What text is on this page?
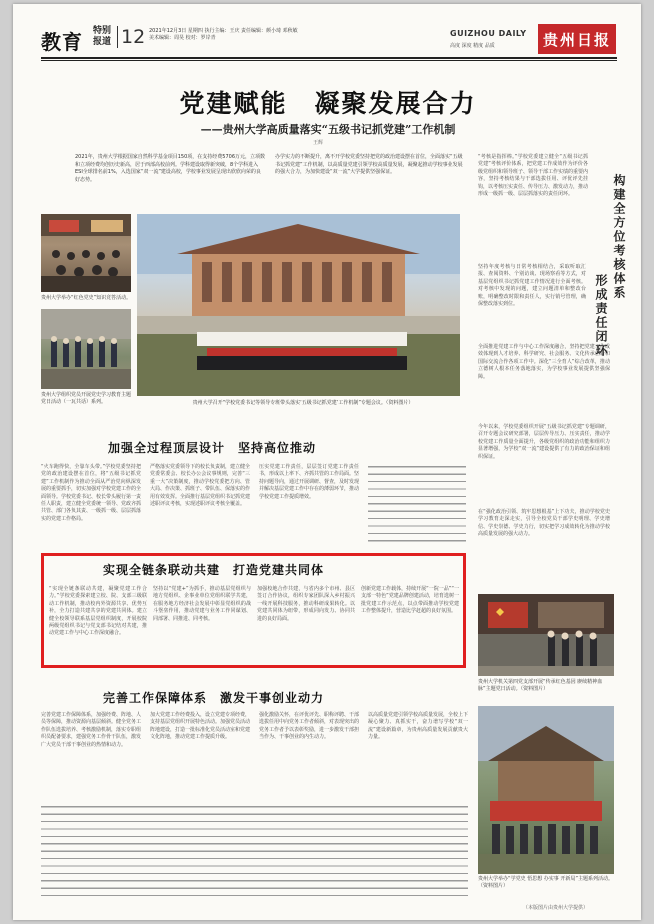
教育 特别报道 12 2021年12月3日 星期四 执行主编：王庆 责任编辑：颜小琦 邓秋敏 美术编辑：周昊 校对：罗岸青	GUIZHOU DAILY
高度 深度 精度 品质	贵州日报
党建赋能　凝聚发展合力
——贵州大学高质量落实“五级书记抓党建”工作机制
王辉
2021年，贵州大学根据国家自然科学基金项目150项，在支持经费5706万元，立项数和立项经费均创历史新高，居于西部高校前列。学科建设取得新突破，8个学科进入ESI全球排名前1%，入选国家“双一流”建设高校，学校事业发展呈现出欣欣向荣的良好态势。
办学实力的不断提升，离不开学校党委坚持把党的政治建设摆在首位，全面落实“五级书记抓党建”工作机制，以高质量党建引领学校高质量发展，凝聚起推动学校事业发展的强大合力，为加快建设“双一流”大学提供坚强保证。
贵州大学举办“红色党史”知识竞答活动。
贵州大学组织党员开展党史学习教育主题党日活动（一瓦共话）系列。	贵州大学召开“学校党委书记等领导专班带头落实‘五级书记抓党建’工作机制”专题会议。（资料图片）
构建全方位考核体系
形成责任闭环
“考核是指挥棒。”学校党委建立健全“五级书记抓党建”考核评价体系，把党建工作成效作为评价各级党组织和领导班子、领导干部工作实绩的重要内容，坚持考核结果与干部选拔任用、评优评先挂钩，以考核压实责任、传导压力、激发动力，推动形成一级抓一级、层层抓落实的责任闭环。
坚持年度考核与日常考核相结合，采取听取汇报、查阅资料、个别访谈、现场察看等方式，对基层党组织书记抓党建工作情况进行全面考核。对考核中发现的问题，建立问题清单和整改台账，明确整改时限和责任人，实行销号管理，确保整改落实到位。
全面推进党建工作与中心工作深度融合，坚持把党建工作成效体现到人才培养、科学研究、社会服务、文化传承创新和国际交流合作各项工作中。深化“三全育人”综合改革，推动立德树人根本任务落地落实，为学校事业发展提供坚强保障。
今年以来，学校党委组织开展“五级书记抓党建”专题调研，召开专题会议研究部署，层层传导压力、压实责任，推动学校党建工作质量全面提升，各级党组织的政治功能和组织力显著增强，为学校“双一流”建设提供了有力的政治保证和组织保证。
在“强化政治引领、筑牢思想根基”上下功夫，推动学校党史学习教育走深走实，引导全校党员干部学史明理、学史增信、学史崇德、学史力行，切实把学习成效转化为推动学校高质量发展的强大动力。
贵州大学机关第四党支部开展“传承红色基因 赓续精神血脉”主题党日活动。（资料图片）
贵州大学举办“学党史 悟思想 办实事 开新局”主题系列活动。（资料图片）
（本版图片由贵州大学提供）
加强全过程顶层设计　坚持高位推动
“火车跑得快，全靠车头带。”学校党委坚持把党的政治建设摆在首位，将“五级书记抓党建”工作机制作为推动全面从严治党向纵深发展的重要抓手，切实加强对学校党建工作的全面领导。学校党委书记、校长带头履行第一责任人职责，建立健全党委统一领导、党政齐抓共管、部门各负其责、一级抓一级、层层抓落实的党建工作格局。
严格落实党委领导下的校长负责制，建立健全党委常委会、校长办公会议事规则，完善“三重一大”决策制度，推动学校党委把方向、管大局、作决策、抓班子、带队伍、保落实的作用有效发挥。全面推行基层党组织书记抓党建述职评议考核，实现述职评议考核全覆盖。
压实党建工作责任，层层签订党建工作责任书，形成以上率下、齐抓共管的工作局面。坚持问题导向，通过开展调研、督查，及时发现并解决基层党建工作中存在的薄弱环节，推动学校党建工作提质增效。
实现全链条联动共建　打造党建共同体
“实现全链条联动共建，凝聚党建工作合力。”学校党委探索建立校、院、支部三级联动工作机制，推动校内外资源共享、优势互补，全力打造共建共享的党建共同体。建立健全校领导联系基层党组织制度，开展校院两级党组织书记与党支部书记结对共建，推动党建工作与中心工作深度融合。
坚持以“党建+”为抓手，推动基层党组织与地方党组织、企事业单位党组织联学共建，在服务地方经济社会发展中彰显党组织的战斗堡垒作用，推动党建与业务工作同谋划、同部署、同推进、同考核。
加强校地合作共建，与省内多个市州、县区签订合作协议，组织专家团队深入乡村振兴一线开展科技服务，推动科研成果转化。以党建共同体为纽带，形成同向发力、协同共进的良好局面。
创新党建工作载体，持续开展“一院一品”“一支部一特色”党建品牌创建活动，培育选树一批党建工作示范点，以点带面推动学校党建工作整体提升，营造比学赶超的良好氛围。
完善工作保障体系　激发干事创业动力
完善党建工作保障体系，加强经费、阵地、人员等保障，推动资源向基层倾斜。健全党务工作队伍选拔培养、考核激励机制，落实专职组织员配备要求，建强党务工作骨干队伍，激发广大党员干部干事创业的热情和动力。
加大党建工作经费投入，设立党建专项经费，支持基层党组织开展特色活动。加强党员活动阵地建设，打造一批标准化党员活动室和党建文化阵地，推动党建工作提质升级。
强化激励关怀，在评优评先、职称评聘、干部选拔任用中向党务工作者倾斜，对表现突出的党务工作者予以表彰奖励，进一步激发干部担当作为、干事创业的内生动力。
以高质量党建引领学校高质量发展，全校上下凝心聚力、真抓实干，奋力谱写学校“双一流”建设新篇章，为贵州高质量发展贡献贵大力量。
